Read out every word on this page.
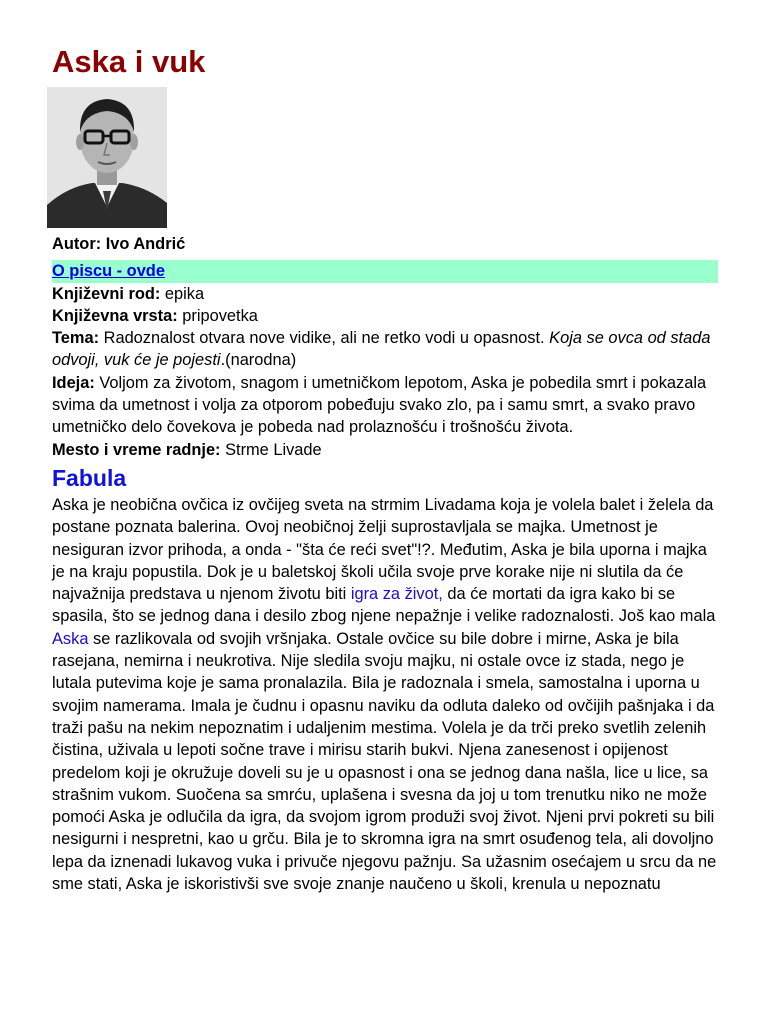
Aska i vuk

Autor: Ivo Andrić

O piscu - ovde

Književni rod: epika

Književna vrsta: pripovetka

Tema: Radoznalost otvara nove vidike, ali ne retko vodi u opasnost. Koja se ovca od stada odvoji, vuk će je pojesti.(narodna)

Ideja: Voljom za životom, snagom i umetničkom lepotom, Aska je pobedila smrt i pokazala svima da umetnost i volja za otporom pobeđuju svako zlo, pa i samu smrt, a svako pravo umetničko delo čovekova je pobeda nad prolaznošću i trošnošću života.

Mesto i vreme radnje: Strme Livade

Fabula

Aska je neobična ovčica iz ovčijeg sveta na strmim Livadama koja je volela balet i želela da postane poznata balerina. Ovoj neobičnoj želji suprostavljala se majka. Umetnost je nesiguran izvor prihoda, a onda - "šta će reći svet"!?. Međutim, Aska je bila uporna i majka je na kraju popustila. Dok je u baletskoj školi učila svoje prve korake nije ni slutila da će najvažnija predstava u njenom životu biti igra za život, da će mortati da igra kako bi se spasila, što se jednog dana i desilo zbog njene nepažnje i velike radoznalosti. Još kao mala Aska se razlikovala od svojih vršnjaka. Ostale ovčice su bile dobre i mirne, Aska je bila rasejana, nemirna i neukrotiva. Nije sledila svoju majku, ni ostale ovce iz stada, nego je lutala putevima koje je sama pronalazila. Bila je radoznala i smela, samostalna i uporna u svojim namerama. Imala je čudnu i opasnu naviku da odluta daleko od ovčijih pašnjaka i da traži pašu na nekim nepoznatim i udaljenim mestima. Volela je da trči preko svetlih zelenih čistina, uživala u lepoti sočne trave i mirisu starih bukvi. Njena zanesenost i opijenost predelom koji je okružuje doveli su je u opasnost i ona se jednog dana našla, lice u lice, sa strašnim vukom. Suočena sa smrću, uplašena i svesna da joj u tom trenutku niko ne može pomoći Aska je odlučila da igra, da svojom igrom produži svoj život. Njeni prvi pokreti su bili nesigurni i nespretni, kao u grču. Bila je to skromna igra na smrt osuđenog tela, ali dovoljno lepa da iznenadi lukavog vuka i privuče njegovu pažnju. Sa užasnim osećajem u srcu da ne sme stati, Aska je iskoristivši sve svoje znanje naučeno u školi, krenula u nepoznatu
